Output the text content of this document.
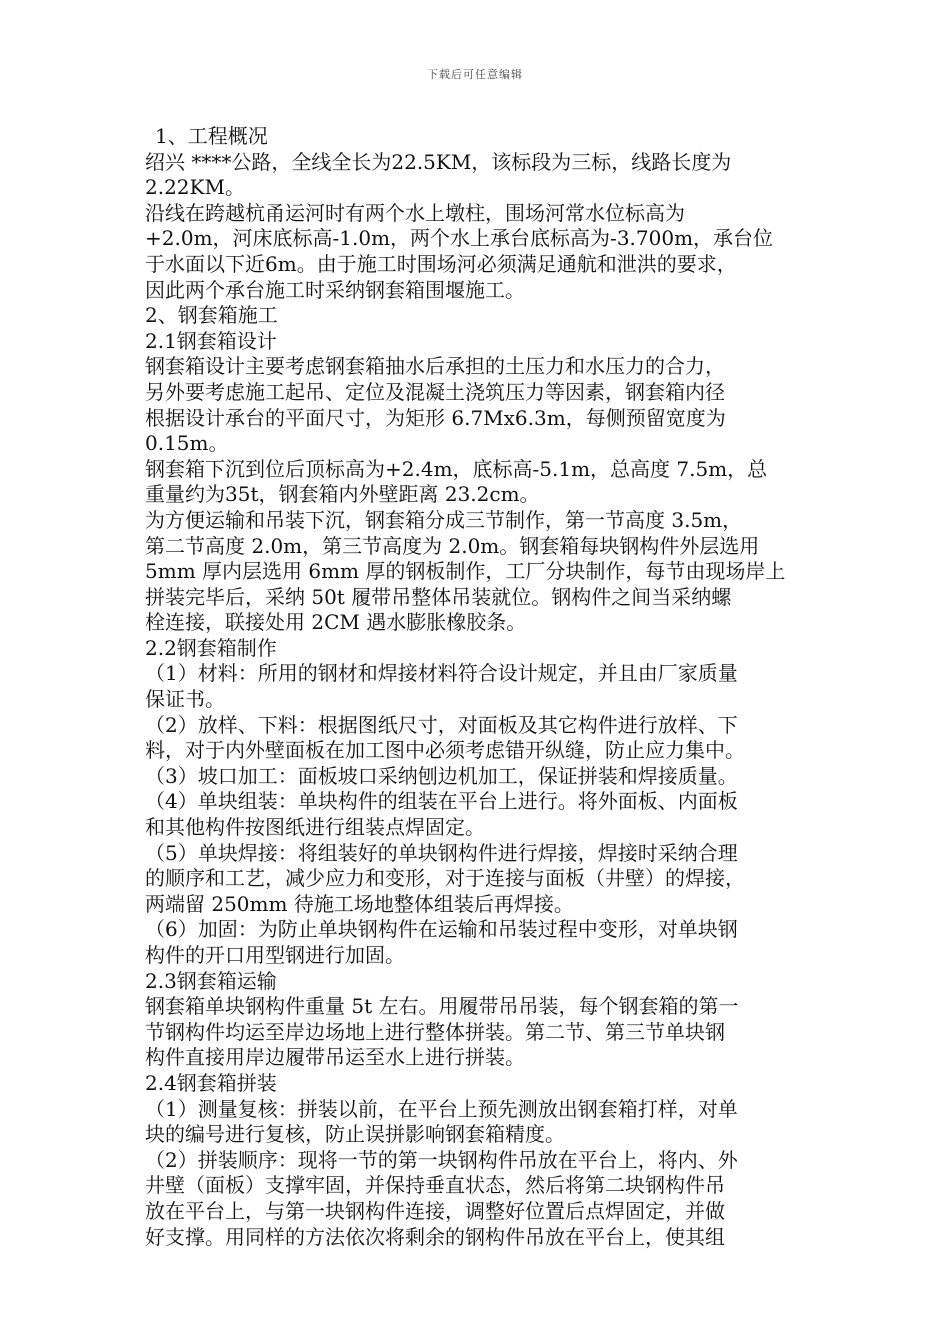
下载后可任意编辑
1、工程概况
绍兴 ****公路，全线全长为22.5KM，该标段为三标，线路长度为
2.22KM。
沿线在跨越杭甬运河时有两个水上墩柱，围场河常水位标高为
+2.0m，河床底标高-1.0m，两个水上承台底标高为-3.700m，承台位
于水面以下近6m。由于施工时围场河必须满足通航和泄洪的要求，
因此两个承台施工时采纳钢套箱围堰施工。
2、钢套箱施工
2.1钢套箱设计
钢套箱设计主要考虑钢套箱抽水后承担的土压力和水压力的合力，
另外要考虑施工起吊、定位及混凝土浇筑压力等因素，钢套箱内径
根据设计承台的平面尺寸，为矩形 6.7Mx6.3m，每侧预留宽度为
0.15m。
钢套箱下沉到位后顶标高为+2.4m，底标高-5.1m，总高度 7.5m，总
重量约为35t，钢套箱内外壁距离 23.2cm。
为方便运输和吊装下沉，钢套箱分成三节制作，第一节高度 3.5m，
第二节高度 2.0m，第三节高度为 2.0m。钢套箱每块钢构件外层选用
5mm 厚内层选用 6mm 厚的钢板制作，工厂分块制作，每节由现场岸上
拼装完毕后，采纳 50t 履带吊整体吊装就位。钢构件之间当采纳螺
栓连接，联接处用 2CM 遇水膨胀橡胶条。
2.2钢套箱制作
（1）材料：所用的钢材和焊接材料符合设计规定，并且由厂家质量
保证书。
（2）放样、下料：根据图纸尺寸，对面板及其它构件进行放样、下
料，对于内外壁面板在加工图中必须考虑错开纵缝，防止应力集中。
（3）坡口加工：面板坡口采纳刨边机加工，保证拼装和焊接质量。
（4）单块组装：单块构件的组装在平台上进行。将外面板、内面板
和其他构件按图纸进行组装点焊固定。
（5）单块焊接：将组装好的单块钢构件进行焊接，焊接时采纳合理
的顺序和工艺，减少应力和变形，对于连接与面板（井壁）的焊接，
两端留 250mm 待施工场地整体组装后再焊接。
（6）加固：为防止单块钢构件在运输和吊装过程中变形，对单块钢
构件的开口用型钢进行加固。
2.3钢套箱运输
钢套箱单块钢构件重量 5t 左右。用履带吊吊装，每个钢套箱的第一
节钢构件均运至岸边场地上进行整体拼装。第二节、第三节单块钢
构件直接用岸边履带吊运至水上进行拼装。
2.4钢套箱拼装
（1）测量复核：拼装以前，在平台上预先测放出钢套箱打样，对单
块的编号进行复核，防止误拼影响钢套箱精度。
（2）拼装顺序：现将一节的第一块钢构件吊放在平台上，将内、外
井壁（面板）支撑牢固，并保持垂直状态，然后将第二块钢构件吊
放在平台上，与第一块钢构件连接，调整好位置后点焊固定，并做
好支撑。用同样的方法依次将剩余的钢构件吊放在平台上，使其组
